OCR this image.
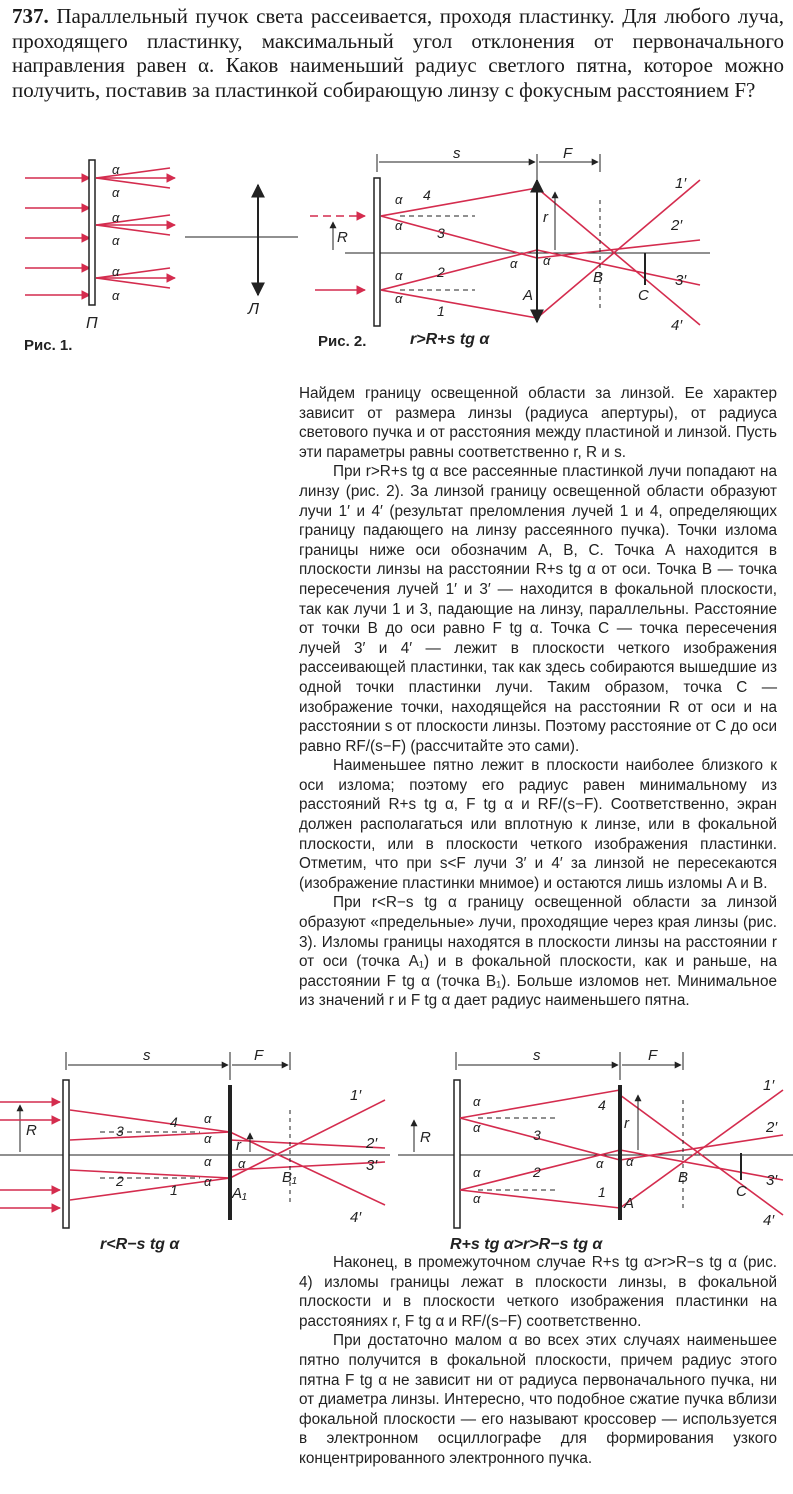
737. Параллельный пучок света рассеивается, проходя пластинку. Для любого луча, проходящего пластинку, максимальный угол отклонения от первоначального направления равен α. Каков наименьший радиус светлого пятна, которое можно получить, поставив за пластинкой собирающую линзу с фокусным расстоянием F?
α
α
α
α
α
α
П
Л
Рис. 1.
s	F
R
r
4
3
2
1
α
α
α
α
α α
A
B
C
1′
2′
3′
4′
Рис. 2.	r>R+s tg α

Найдем границу освещенной области за линзой. Ее характер зависит от размера линзы (радиуса апертуры), от радиуса светового пучка и от расстояния между пластиной и линзой. Пусть эти параметры равны соответственно r, R и s.

При r>R+s tg α все рассеянные пластинкой лучи попадают на линзу (рис. 2). За линзой границу освещенной области образуют лучи 1′ и 4′ (результат преломления лучей 1 и 4, определяющих границу падающего на линзу рассеянного пучка). Точки излома границы ниже оси обозначим A, B, C. Точка A находится в плоскости линзы на расстоянии R+s tg α от оси. Точка B — точка пересечения лучей 1′ и 3′ — находится в фокальной плоскости, так как лучи 1 и 3, падающие на линзу, параллельны. Расстояние от точки B до оси равно F tg α. Точка C — точка пересечения лучей 3′ и 4′ — лежит в плоскости четкого изображения рассеивающей пластинки, так как здесь собираются вышедшие из одной точки пластинки лучи. Таким образом, точка C — изображение точки, находящейся на расстоянии R от оси и на расстоянии s от плоскости линзы. Поэтому расстояние от C до оси равно RF/(s−F) (рассчитайте это сами).

Наименьшее пятно лежит в плоскости наиболее близкого к оси излома; поэтому его радиус равен минимальному из расстояний R+s tg α, F tg α и RF/(s−F). Соответственно, экран должен располагаться или вплотную к линзе, или в фокальной плоскости, или в плоскости четкого изображения пластинки. Отметим, что при s<F лучи 3′ и 4′ за линзой не пересекаются (изображение пластинки мнимое) и остаются лишь изломы A и B.

При r<R−s tg α границу освещенной области за линзой образуют «предельные» лучи, проходящие через края линзы (рис. 3). Изломы границы находятся в плоскости линзы на расстоянии r от оси (точка A₁) и в фокальной плоскости, как и раньше, на расстоянии F tg α (точка B₁). Больше изломов нет. Минимальное из значений r и F tg α дает радиус наименьшего пятна.

s	F
R
r
4
3
2
1
α
α
α
α
α
A₁
B₁
1′
2′
3′
4′
r<R−s tg α
s	F
R
r
4
3
2
1
α
α
α
α
α α
A
B
C
1′
2′
3′
4′
R+s tg α>r>R−s tg α

Наконец, в промежуточном случае R+s tg α>r>R−s tg α (рис. 4) изломы границы лежат в плоскости линзы, в фокальной плоскости и в плоскости четкого изображения пластинки на расстояниях r, F tg α и RF/(s−F) соответственно.

При достаточно малом α во всех этих случаях наименьшее пятно получится в фокальной плоскости, причем радиус этого пятна F tg α не зависит ни от радиуса первоначального пучка, ни от диаметра линзы. Интересно, что подобное сжатие пучка вблизи фокальной плоскости — его называют кроссовер — используется в электронном осциллографе для формирования узкого концентрированного электронного пучка.
